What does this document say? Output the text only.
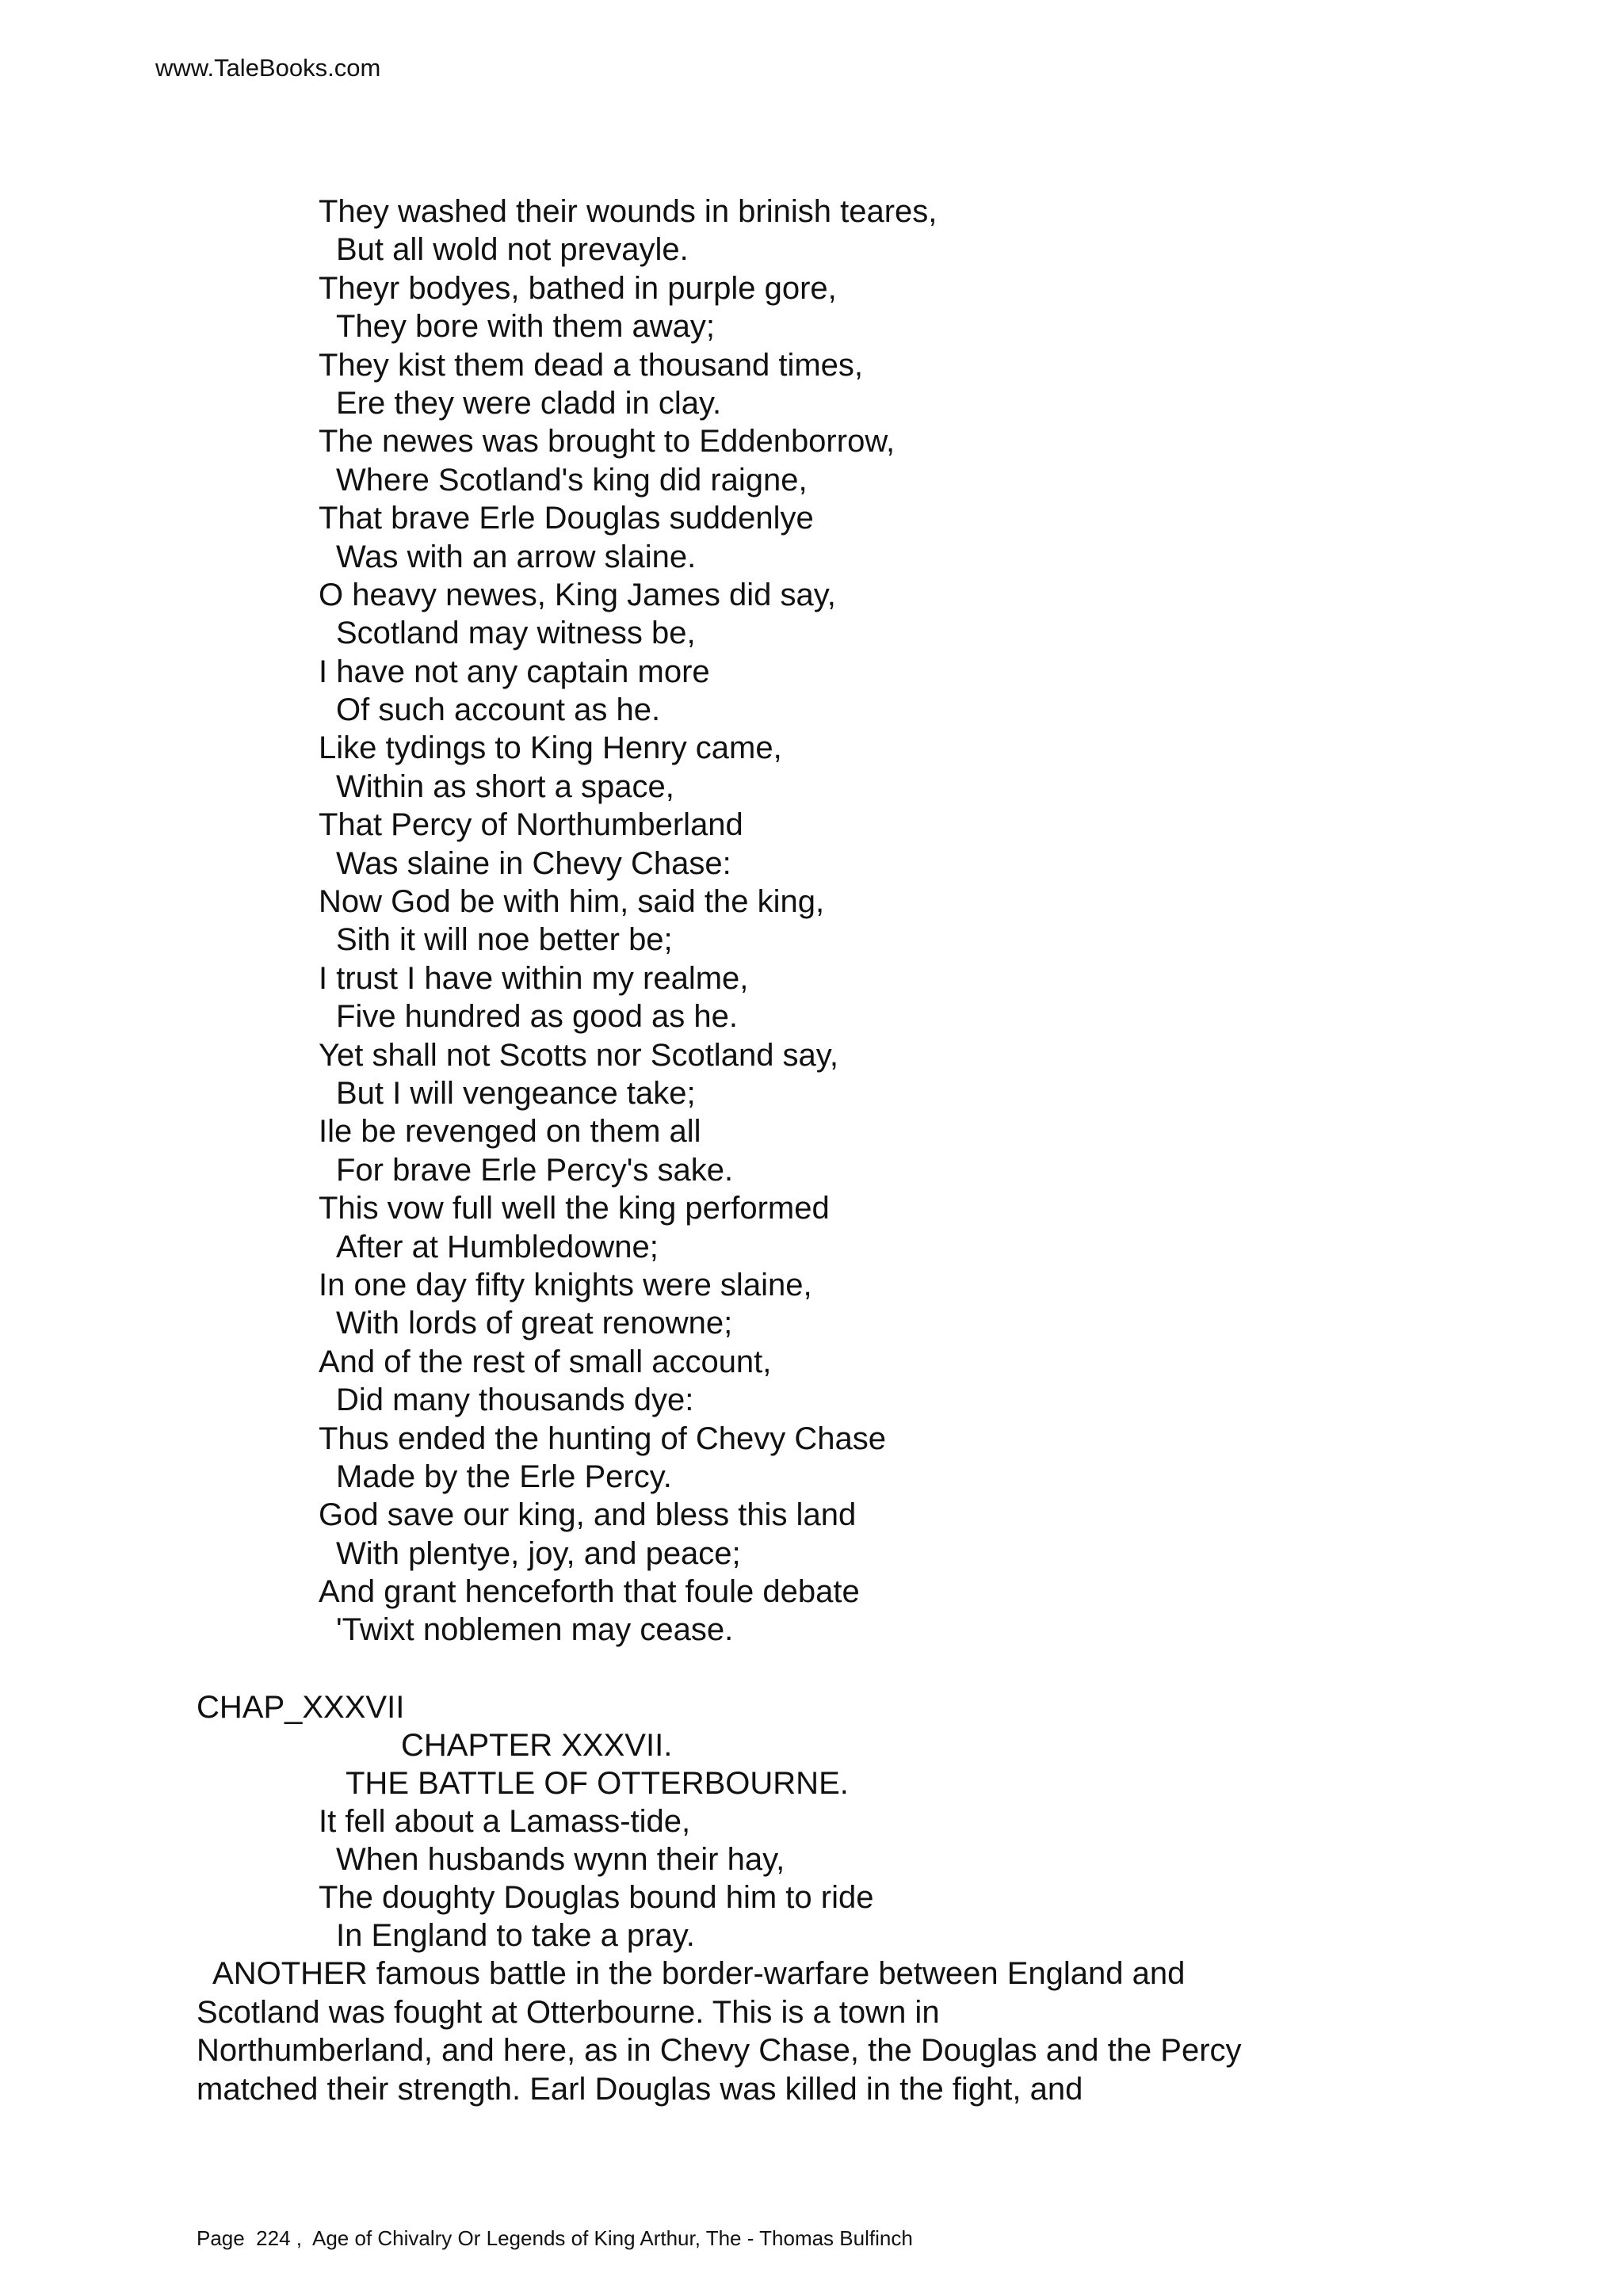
www.TaleBooks.com
They washed their wounds in brinish teares,
But all wold not prevayle.
Theyr bodyes, bathed in purple gore,
They bore with them away;
They kist them dead a thousand times,
Ere they were cladd in clay.
The newes was brought to Eddenborrow,
Where Scotland's king did raigne,
That brave Erle Douglas suddenlye
Was with an arrow slaine.
O heavy newes, King James did say,
Scotland may witness be,
I have not any captain more
Of such account as he.
Like tydings to King Henry came,
Within as short a space,
That Percy of Northumberland
Was slaine in Chevy Chase:
Now God be with him, said the king,
Sith it will noe better be;
I trust I have within my realme,
Five hundred as good as he.
Yet shall not Scotts nor Scotland say,
But I will vengeance take;
Ile be revenged on them all
For brave Erle Percy's sake.
This vow full well the king performed
After at Humbledowne;
In one day fifty knights were slaine,
With lords of great renowne;
And of the rest of small account,
Did many thousands dye:
Thus ended the hunting of Chevy Chase
Made by the Erle Percy.
God save our king, and bless this land
With plentye, joy, and peace;
And grant henceforth that foule debate
'Twixt noblemen may cease.
CHAP_XXXVII
CHAPTER XXXVII.
THE BATTLE OF OTTERBOURNE.
It fell about a Lamass-tide,
When husbands wynn their hay,
The doughty Douglas bound him to ride
In England to take a pray.

ANOTHER famous battle in the border-warfare between England and
Scotland was fought at Otterbourne. This is a town in
Northumberland, and here, as in Chevy Chase, the Douglas and the Percy
matched their strength. Earl Douglas was killed in the fight, and

Page  224 ,  Age of Chivalry Or Legends of King Arthur, The - Thomas Bulfinch
